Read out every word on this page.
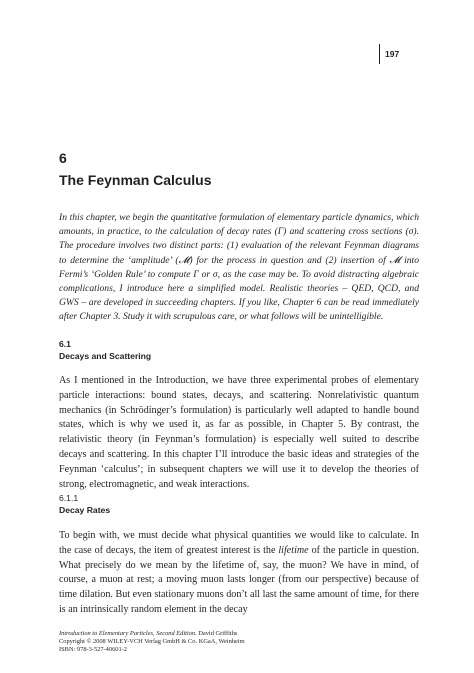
197
6
The Feynman Calculus

In this chapter, we begin the quantitative formulation of elementary particle dynamics, which amounts, in practice, to the calculation of decay rates (Γ) and scattering cross sections (σ). The procedure involves two distinct parts: (1) evaluation of the relevant Feynman diagrams to determine the ‘amplitude’ (𝓜) for the process in question and (2) insertion of 𝓜 into Fermi’s ‘Golden Rule’ to compute Γ or σ, as the case may be. To avoid distracting algebraic complications, I introduce here a simplified model. Realistic theories – QED, QCD, and GWS – are developed in succeeding chapters. If you like, Chapter 6 can be read immediately after Chapter 3. Study it with scrupulous care, or what follows will be unintelligible.

6.1
Decays and Scattering

As I mentioned in the Introduction, we have three experimental probes of elementary particle interactions: bound states, decays, and scattering. Nonrelativistic quantum mechanics (in Schrödinger’s formulation) is particularly well adapted to handle bound states, which is why we used it, as far as possible, in Chapter 5. By contrast, the relativistic theory (in Feynman’s formulation) is especially well suited to describe decays and scattering. In this chapter I’ll introduce the basic ideas and strategies of the Feynman ‘calculus’; in subsequent chapters we will use it to develop the theories of strong, electromagnetic, and weak interactions.

6.1.1
Decay Rates

To begin with, we must decide what physical quantities we would like to calculate. In the case of decays, the item of greatest interest is the lifetime of the particle in question. What precisely do we mean by the lifetime of, say, the muon? We have in mind, of course, a muon at rest; a moving muon lasts longer (from our perspective) because of time dilation. But even stationary muons don’t all last the same amount of time, for there is an intrinsically random element in the decay

Introduction to Elementary Particles, Second Edition. David Griffiths
Copyright © 2008 WILEY-VCH Verlag GmbH & Co. KGaA, Weinheim
ISBN: 978-3-527-40601-2
